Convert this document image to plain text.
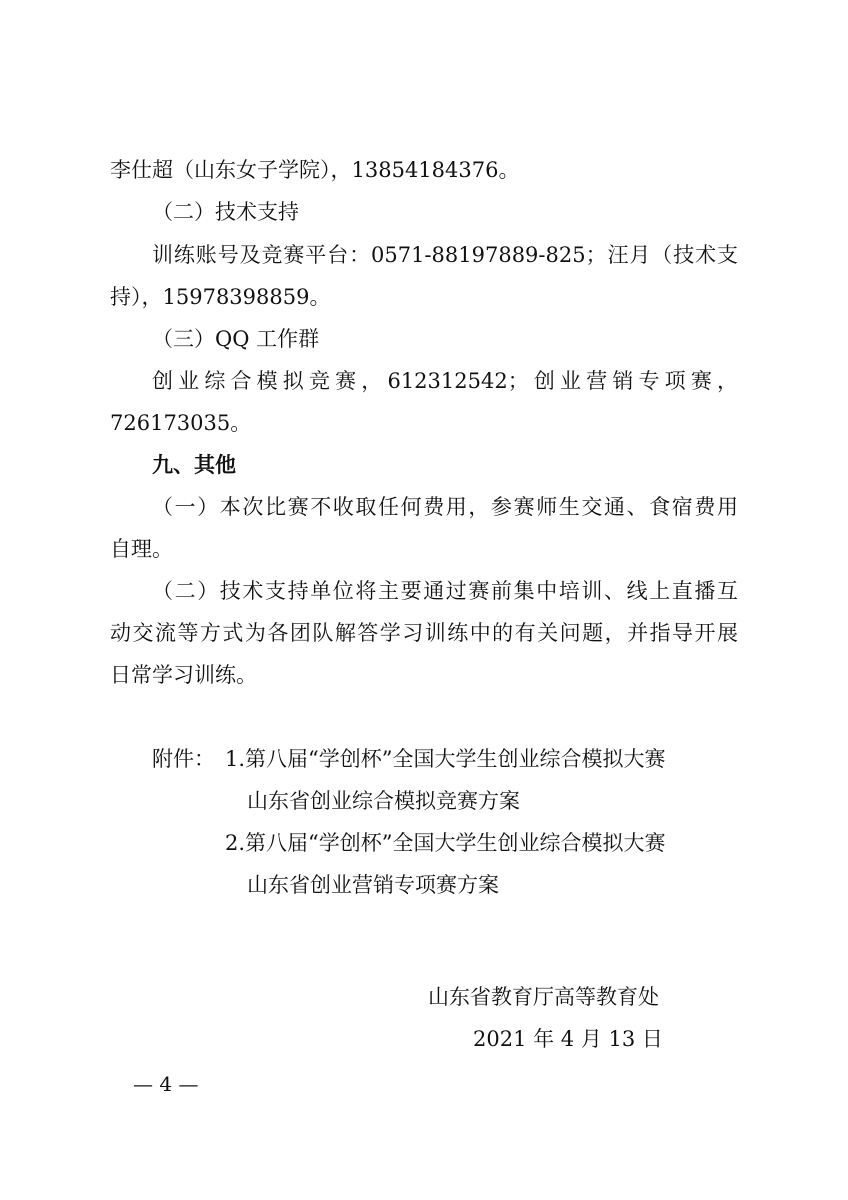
李仕超（山东女子学院），13854184376。
（二）技术支持
训练账号及竞赛平台：0571-88197889-825；汪月（技术支
持），15978398859。
（三）QQ 工作群
创业综合模拟竞赛，612312542；创业营销专项赛，
726173035。
九、其他
（一）本次比赛不收取任何费用，参赛师生交通、食宿费用
自理。
（二）技术支持单位将主要通过赛前集中培训、线上直播互
动交流等方式为各团队解答学习训练中的有关问题，并指导开展
日常学习训练。
附件： 1.第八届“学创杯”全国大学生创业综合模拟大赛
山东省创业综合模拟竞赛方案
2.第八届“学创杯”全国大学生创业综合模拟大赛
山东省创业营销专项赛方案
山东省教育厅高等教育处
2021 年 4 月 13 日
— 4 —
